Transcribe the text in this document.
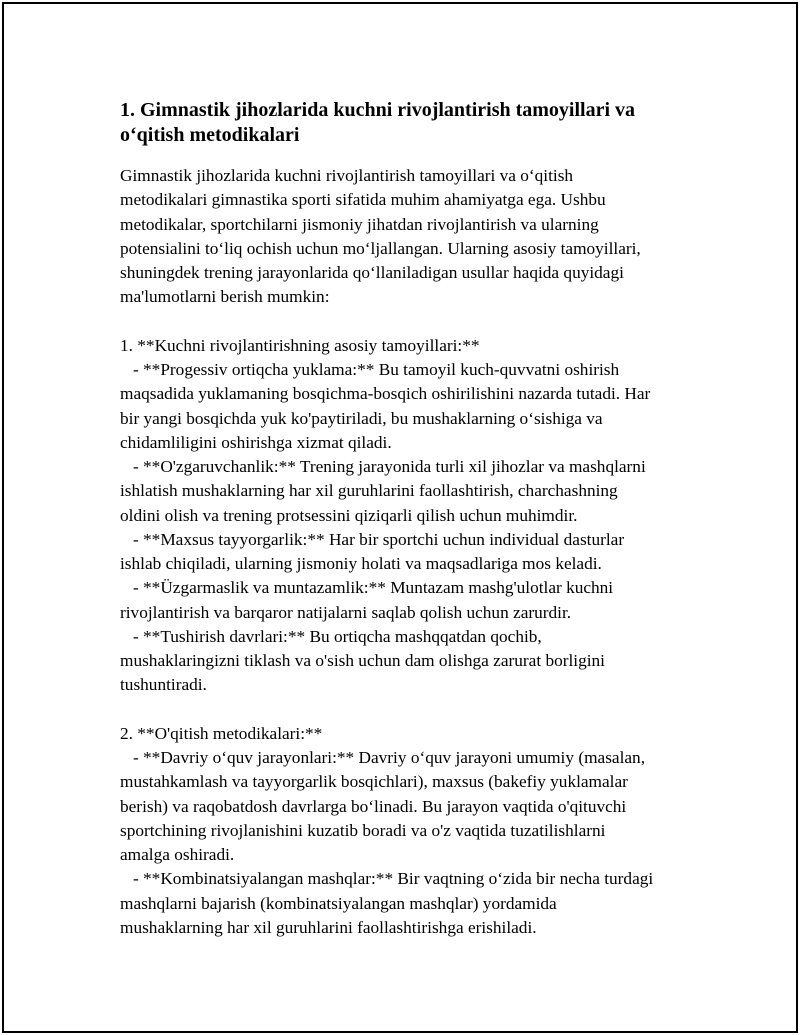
1. Gimnastik jihozlarida kuchni rivojlantirish tamoyillari va
o‘qitish metodikalari
Gimnastik jihozlarida kuchni rivojlantirish tamoyillari va o‘qitish
metodikalari gimnastika sporti sifatida muhim ahamiyatga ega. Ushbu
metodikalar, sportchilarni jismoniy jihatdan rivojlantirish va ularning
potensialini to‘liq ochish uchun mo‘ljallangan. Ularning asosiy tamoyillari,
shuningdek trening jarayonlarida qo‘llaniladigan usullar haqida quyidagi
ma'lumotlarni berish mumkin:
1. **Kuchni rivojlantirishning asosiy tamoyillari:**
- **Progessiv ortiqcha yuklama:** Bu tamoyil kuch-quvvatni oshirish
maqsadida yuklamaning bosqichma-bosqich oshirilishini nazarda tutadi. Har
bir yangi bosqichda yuk ko'paytiriladi, bu mushaklarning o‘sishiga va
chidamliligini oshirishga xizmat qiladi.
- **O'zgaruvchanlik:** Trening jarayonida turli xil jihozlar va mashqlarni
ishlatish mushaklarning har xil guruhlarini faollashtirish, charchashning
oldini olish va trening protsessini qiziqarli qilish uchun muhimdir.
- **Maxsus tayyorgarlik:** Har bir sportchi uchun individual dasturlar
ishlab chiqiladi, ularning jismoniy holati va maqsadlariga mos keladi.
- **Üzgarmaslik va muntazamlik:** Muntazam mashg'ulotlar kuchni
rivojlantirish va barqaror natijalarni saqlab qolish uchun zarurdir.
- **Tushirish davrlari:** Bu ortiqcha mashqqatdan qochib,
mushaklaringizni tiklash va o'sish uchun dam olishga zarurat borligini
tushuntiradi.
2. **O'qitish metodikalari:**
- **Davriy o‘quv jarayonlari:** Davriy o‘quv jarayoni umumiy (masalan,
mustahkamlash va tayyorgarlik bosqichlari), maxsus (bakefiy yuklamalar
berish) va raqobatdosh davrlarga bo‘linadi. Bu jarayon vaqtida o'qituvchi
sportchining rivojlanishini kuzatib boradi va o'z vaqtida tuzatilishlarni
amalga oshiradi.
- **Kombinatsiyalangan mashqlar:** Bir vaqtning o‘zida bir necha turdagi
mashqlarni bajarish (kombinatsiyalangan mashqlar) yordamida
mushaklarning har xil guruhlarini faollashtirishga erishiladi.
